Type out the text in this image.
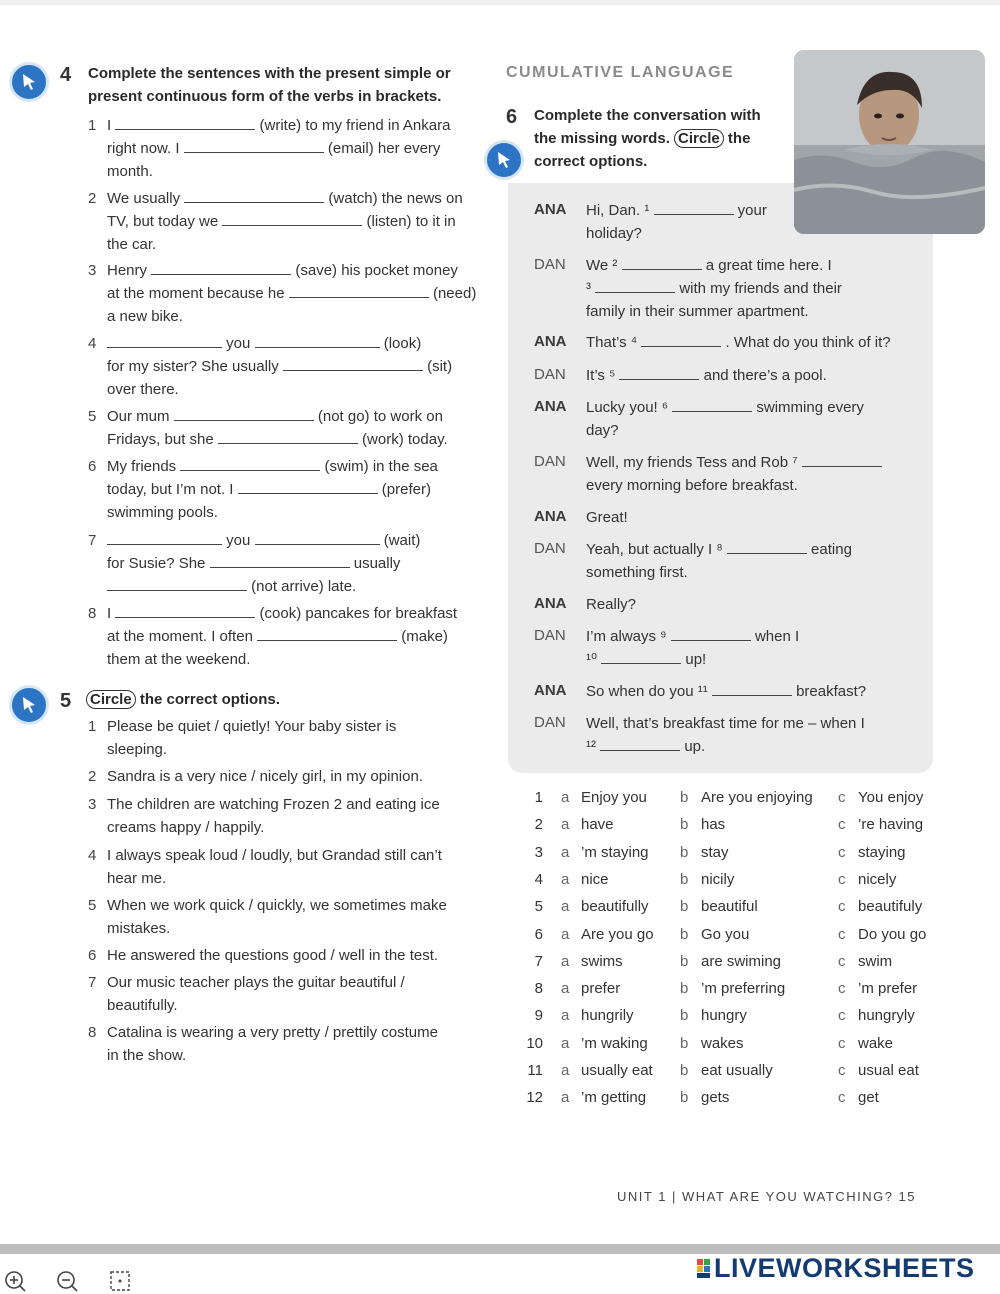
4 Complete the sentences with the present simple or present continuous form of the verbs in brackets.
1 I	(write) to my friend in Ankara
right now. I	(email) her every
month.
2 We usually	(watch) the news on
TV, but today we	(listen) to it in
the car.
3 Henry	(save) his pocket money
at the moment because he	(need)
a new bike.
4	you	(look)
for my sister? She usually	(sit)
over there.
5 Our mum	(not go) to work on
Fridays, but she	(work) today.
6 My friends	(swim) in the sea
today, but I’m not. I	(prefer)
swimming pools.
7	you	(wait)
for Susie? She	usually
(not arrive) late.
8 I	(cook) pancakes for breakfast
at the moment. I often	(make)
them at the weekend.
5 Circle the correct options.
1 Please be quiet / quietly! Your baby sister is
sleeping.
2 Sandra is a very nice / nicely girl, in my opinion.
3 The children are watching Frozen 2 and eating ice
creams happy / happily.
4 I always speak loud / loudly, but Grandad still can’t
hear me.
5 When we work quick / quickly, we sometimes make
mistakes.
6 He answered the questions good / well in the test.
7 Our music teacher plays the guitar beautiful /
beautifully.
8 Catalina is wearing a very pretty / prettily costume
in the show.
CUMULATIVE LANGUAGE
6 Complete the conversation with
the missing words. Circle the
correct options.
ANA	Hi, Dan. ¹	your
holiday?
DAN	We ²	a great time here. I
³	with my friends and their
family in their summer apartment.
ANA	That’s ⁴	. What do you think of it?
DAN	It’s ⁵	and there’s a pool.
ANA	Lucky you! ⁶	swimming every
day?
DAN	Well, my friends Tess and Rob ⁷
every morning before breakfast.
ANA	Great!
DAN	Yeah, but actually I ⁸	eating
something first.
ANA	Really?
DAN	I’m always ⁹	when I
¹⁰	up!
ANA	So when do you ¹¹	breakfast?
DAN	Well, that’s breakfast time for me – when I
¹²	up.
1 a Enjoy you b Are you enjoying c You enjoy
2 a have	b has	c ’re having
3 a ’m staying b stay	c staying
4 a nice	b nicily	c nicely
5 a beautifully b beautiful	c beautifuly
6 a Are you go b Go you	c Do you go
7 a swims	b are swiming	c swim
8 a prefer	b ’m preferring	c ’m prefer
9 a hungrily	b hungry	c hungryly
10 a ’m waking b wakes	c wake
11 a usually eat b eat usually	c usual eat
12 a ’m getting b gets	c get
UNIT 1 | WHAT ARE YOU WATCHING? 15
LIVEWORKSHEETS
